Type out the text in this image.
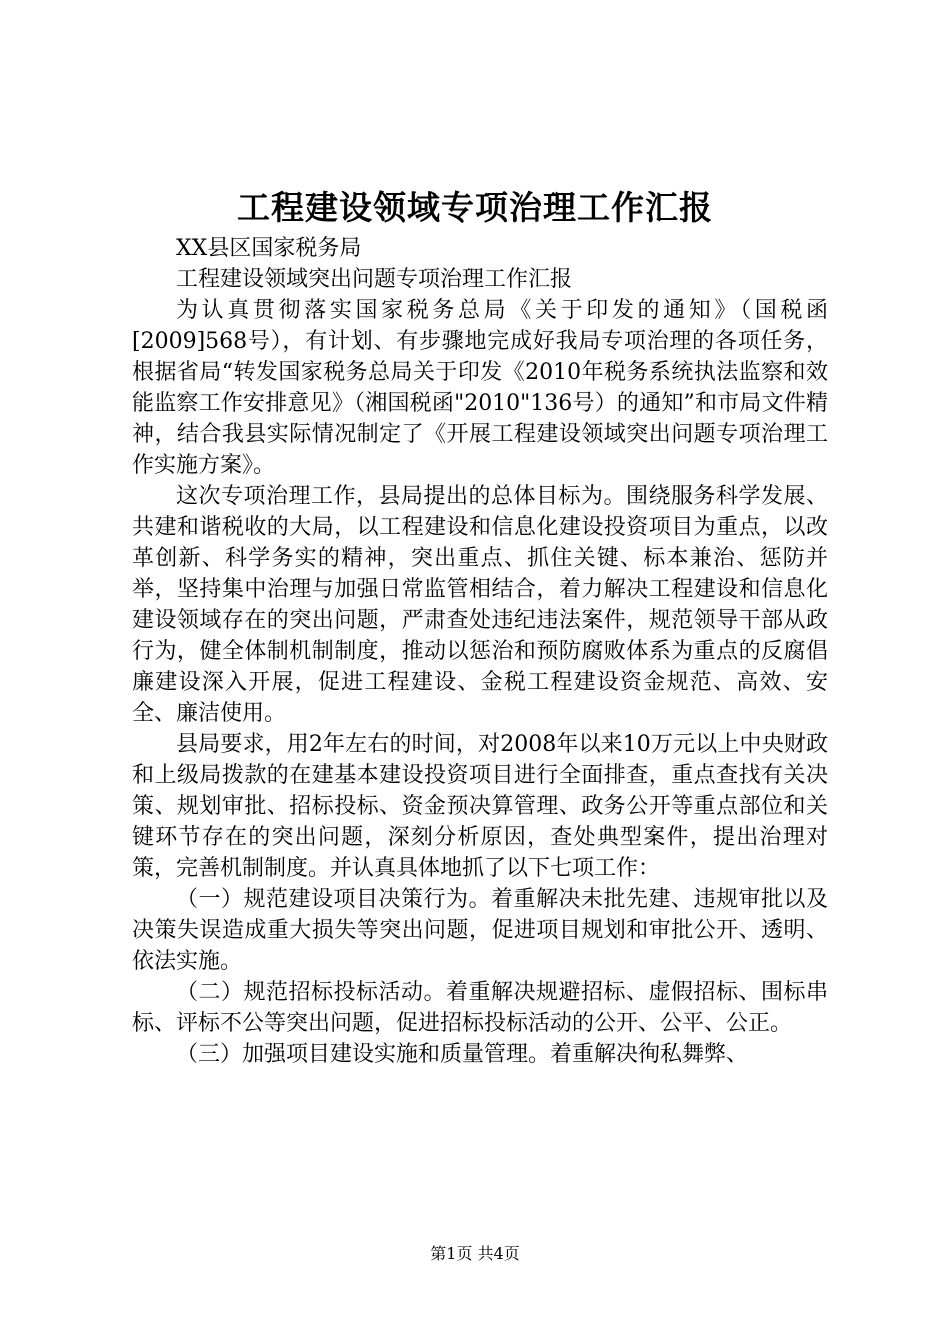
工程建设领域专项治理工作汇报

XX县区国家税务局

工程建设领域突出问题专项治理工作汇报

为认真贯彻落实国家税务总局《关于印发的通知》（国税函[2009]568号），有计划、有步骤地完成好我局专项治理的各项任务，根据省局“转发国家税务总局关于印发《2010年税务系统执法监察和效能监察工作安排意见》（湘国税函"2010"136号）的通知”和市局文件精神，结合我县实际情况制定了《开展工程建设领域突出问题专项治理工作实施方案》。

这次专项治理工作，县局提出的总体目标为。围绕服务科学发展、共建和谐税收的大局，以工程建设和信息化建设投资项目为重点，以改革创新、科学务实的精神，突出重点、抓住关键、标本兼治、惩防并举，坚持集中治理与加强日常监管相结合，着力解决工程建设和信息化建设领域存在的突出问题，严肃查处违纪违法案件，规范领导干部从政行为，健全体制机制制度，推动以惩治和预防腐败体系为重点的反腐倡廉建设深入开展，促进工程建设、金税工程建设资金规范、高效、安全、廉洁使用。

县局要求，用2年左右的时间，对2008年以来10万元以上中央财政和上级局拨款的在建基本建设投资项目进行全面排查，重点查找有关决策、规划审批、招标投标、资金预决算管理、政务公开等重点部位和关键环节存在的突出问题，深刻分析原因，查处典型案件，提出治理对策，完善机制制度。并认真具体地抓了以下七项工作：

（一）规范建设项目决策行为。着重解决未批先建、违规审批以及决策失误造成重大损失等突出问题，促进项目规划和审批公开、透明、依法实施。

（二）规范招标投标活动。着重解决规避招标、虚假招标、围标串标、评标不公等突出问题，促进招标投标活动的公开、公平、公正。

（三）加强项目建设实施和质量管理。着重解决徇私舞弊、

第1页 共4页
